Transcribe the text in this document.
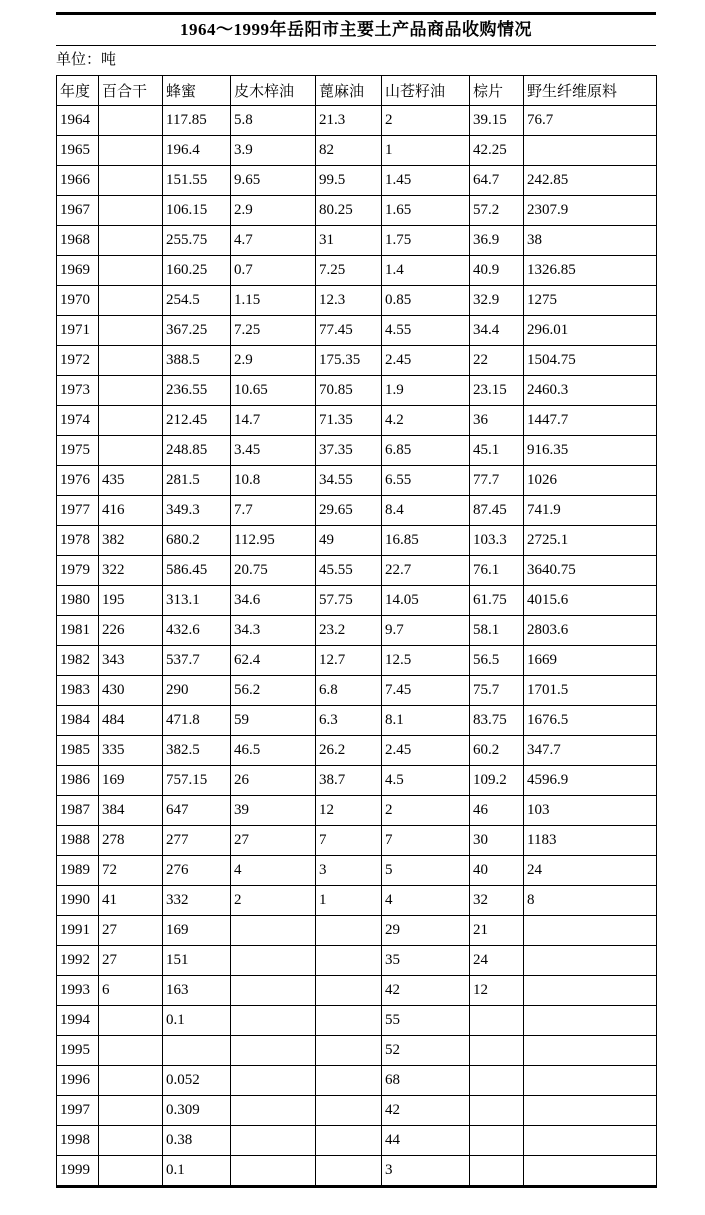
1964～1999年岳阳市主要土产品商品收购情况
单位：吨
年度	百合干	蜂蜜	皮木梓油	蓖麻油	山苍籽油	棕片	野生纤维原料
1964		117.85	5.8	21.3	2	39.15	76.7
1965		196.4	3.9	82	1	42.25	
1966		151.55	9.65	99.5	1.45	64.7	242.85
1967		106.15	2.9	80.25	1.65	57.2	2307.9
1968		255.75	4.7	31	1.75	36.9	38
1969		160.25	0.7	7.25	1.4	40.9	1326.85
1970		254.5	1.15	12.3	0.85	32.9	1275
1971		367.25	7.25	77.45	4.55	34.4	296.01
1972		388.5	2.9	175.35	2.45	22	1504.75
1973		236.55	10.65	70.85	1.9	23.15	2460.3
1974		212.45	14.7	71.35	4.2	36	1447.7
1975		248.85	3.45	37.35	6.85	45.1	916.35
1976	435	281.5	10.8	34.55	6.55	77.7	1026
1977	416	349.3	7.7	29.65	8.4	87.45	741.9
1978	382	680.2	112.95	49	16.85	103.3	2725.1
1979	322	586.45	20.75	45.55	22.7	76.1	3640.75
1980	195	313.1	34.6	57.75	14.05	61.75	4015.6
1981	226	432.6	34.3	23.2	9.7	58.1	2803.6
1982	343	537.7	62.4	12.7	12.5	56.5	1669
1983	430	290	56.2	6.8	7.45	75.7	1701.5
1984	484	471.8	59	6.3	8.1	83.75	1676.5
1985	335	382.5	46.5	26.2	2.45	60.2	347.7
1986	169	757.15	26	38.7	4.5	109.2	4596.9
1987	384	647	39	12	2	46	103
1988	278	277	27	7	7	30	1183
1989	72	276	4	3	5	40	24
1990	41	332	2	1	4	32	8
1991	27	169			29	21	
1992	27	151			35	24	
1993	6	163			42	12	
1994		0.1			55		
1995					52		
1996		0.052			68		
1997		0.309			42		
1998		0.38			44		
1999		0.1			3		
